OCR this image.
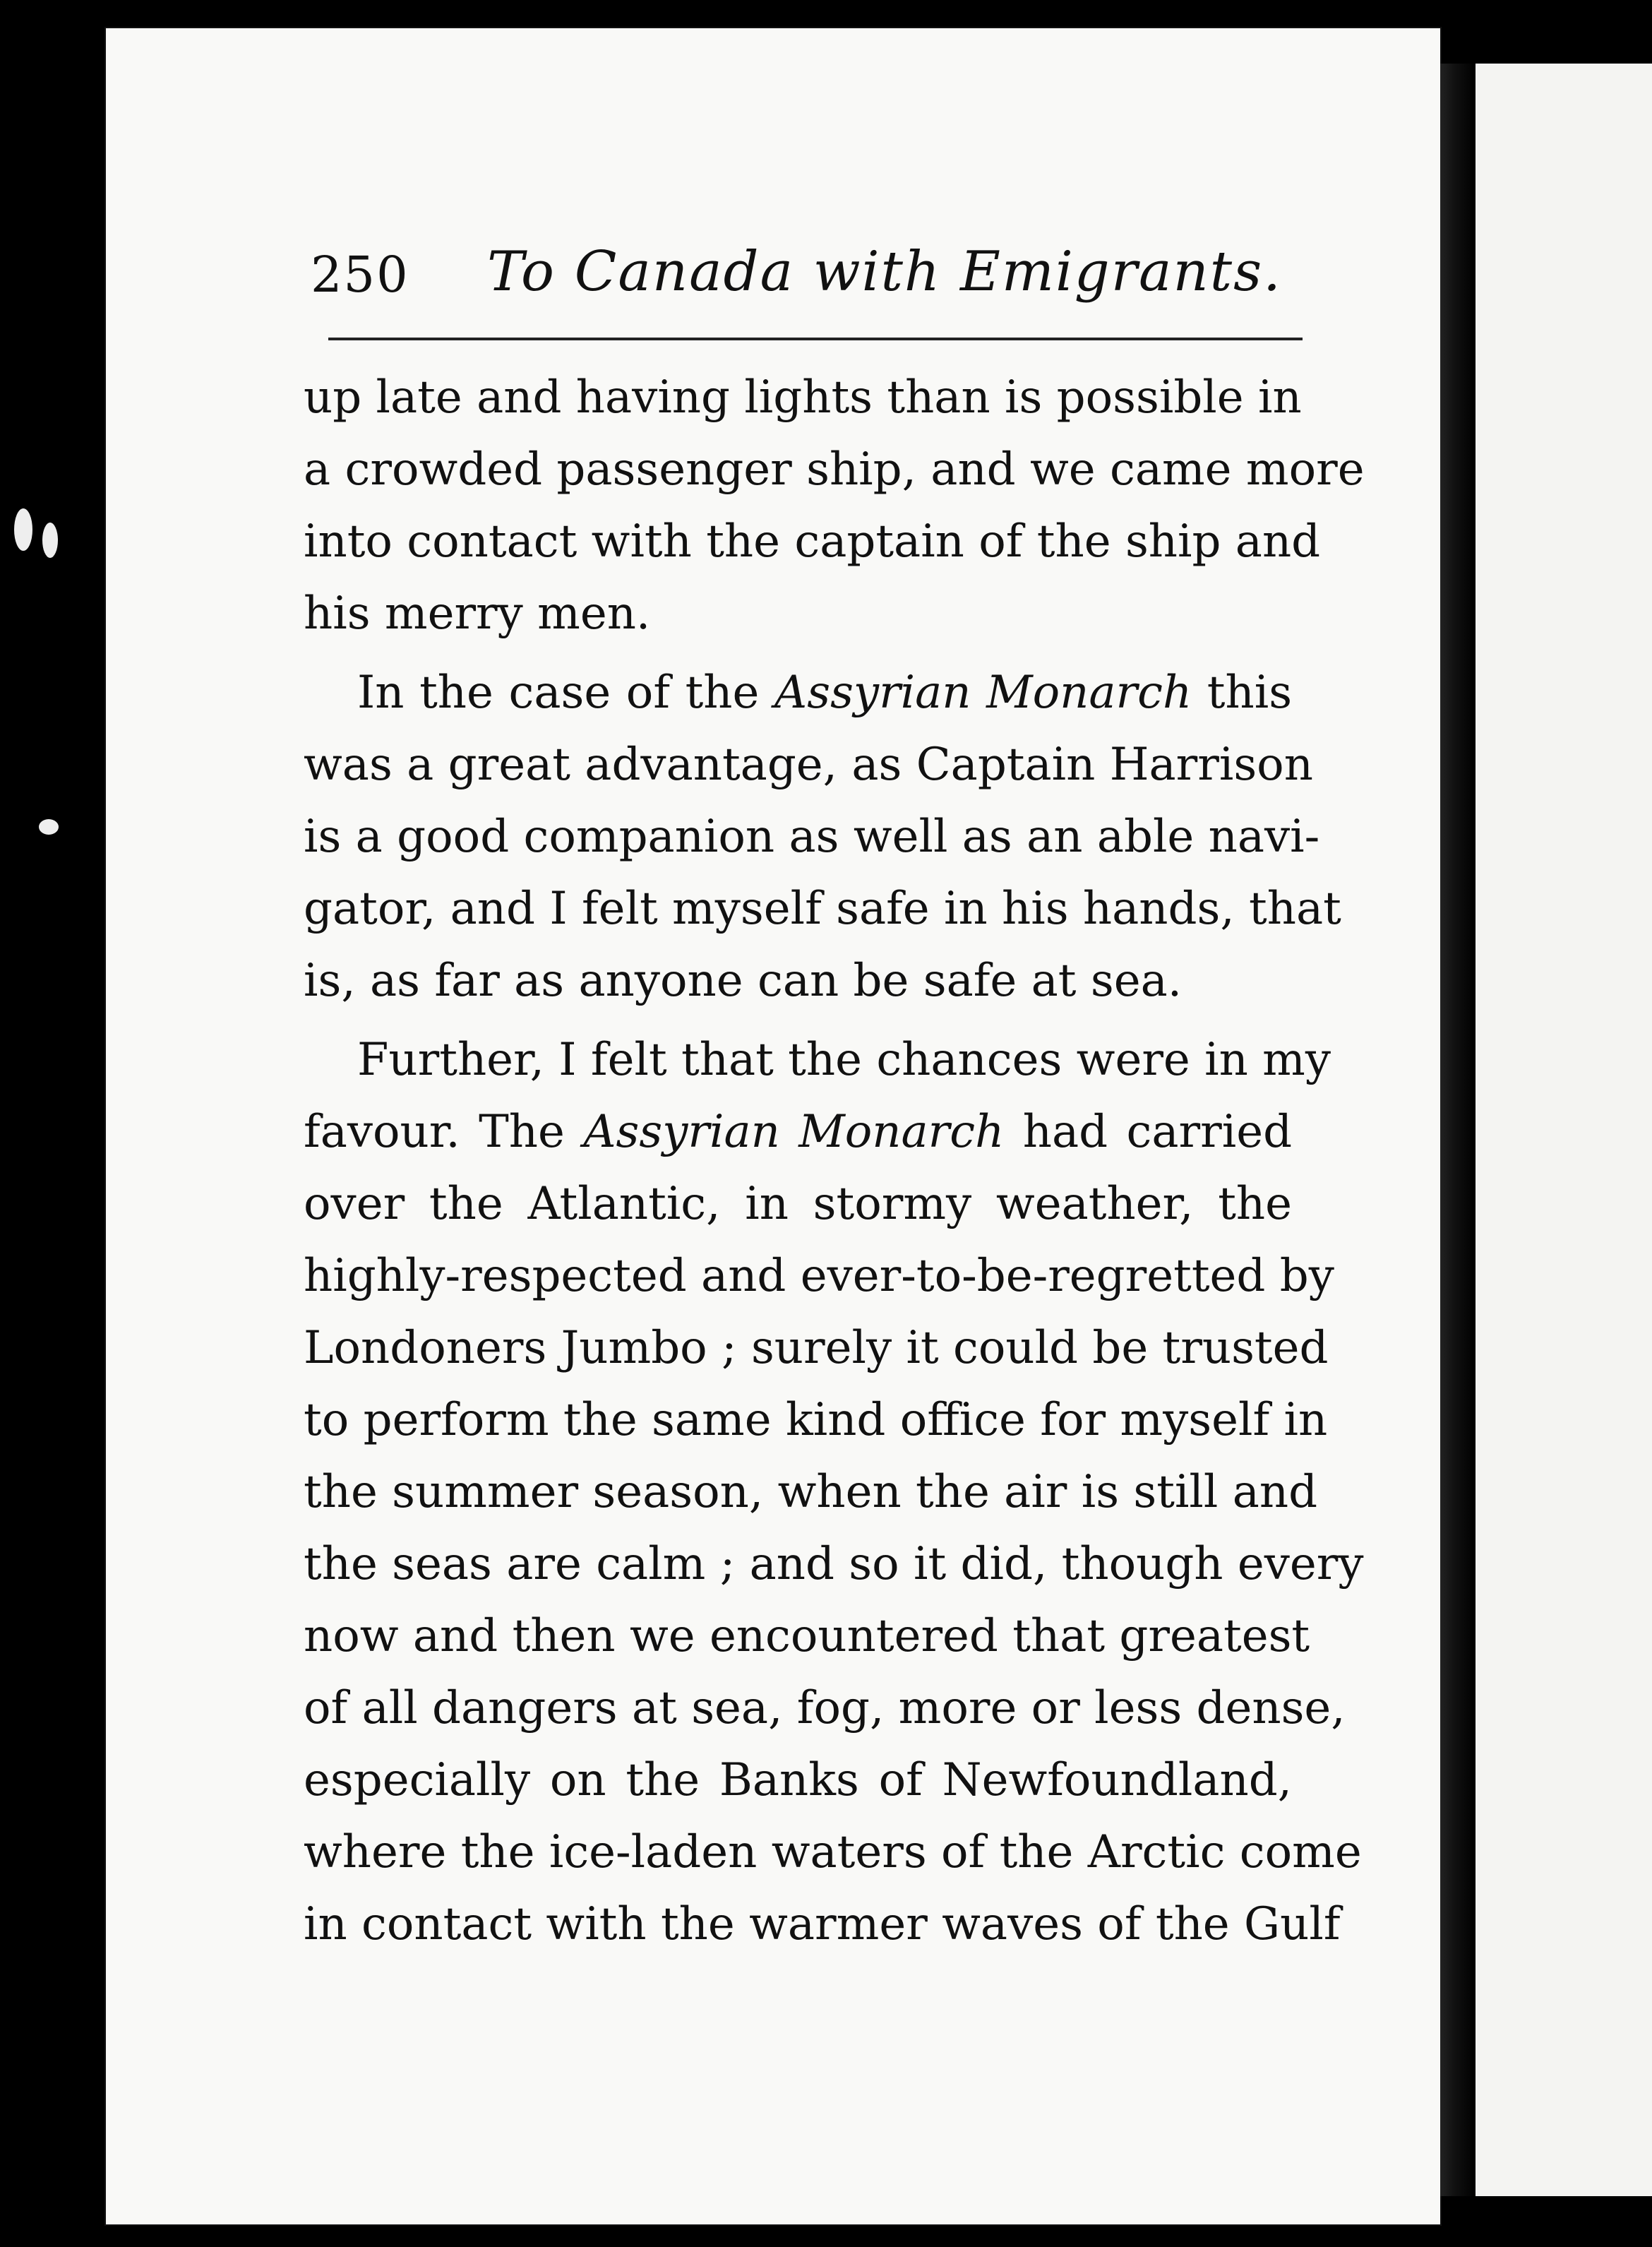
250 To Canada with Emigrants.
up late and having lights than is possible in
a crowded passenger ship, and we came more
into contact with the captain of the ship and
his merry men.
In the case of the Assyrian Monarch this
was a great advantage, as Captain Harrison
is a good companion as well as an able navi-
gator, and I felt myself safe in his hands, that
is, as far as anyone can be safe at sea.
Further, I felt that the chances were in my
favour. The Assyrian Monarch had carried
over the Atlantic, in stormy weather, the
highly-respected and ever-to-be-regretted by
Londoners Jumbo ; surely it could be trusted
to perform the same kind office for myself in
the summer season, when the air is still and
the seas are calm ; and so it did, though every
now and then we encountered that greatest
of all dangers at sea, fog, more or less dense,
especially on the Banks of Newfoundland,
where the ice-laden waters of the Arctic come
in contact with the warmer waves of the Gulf
